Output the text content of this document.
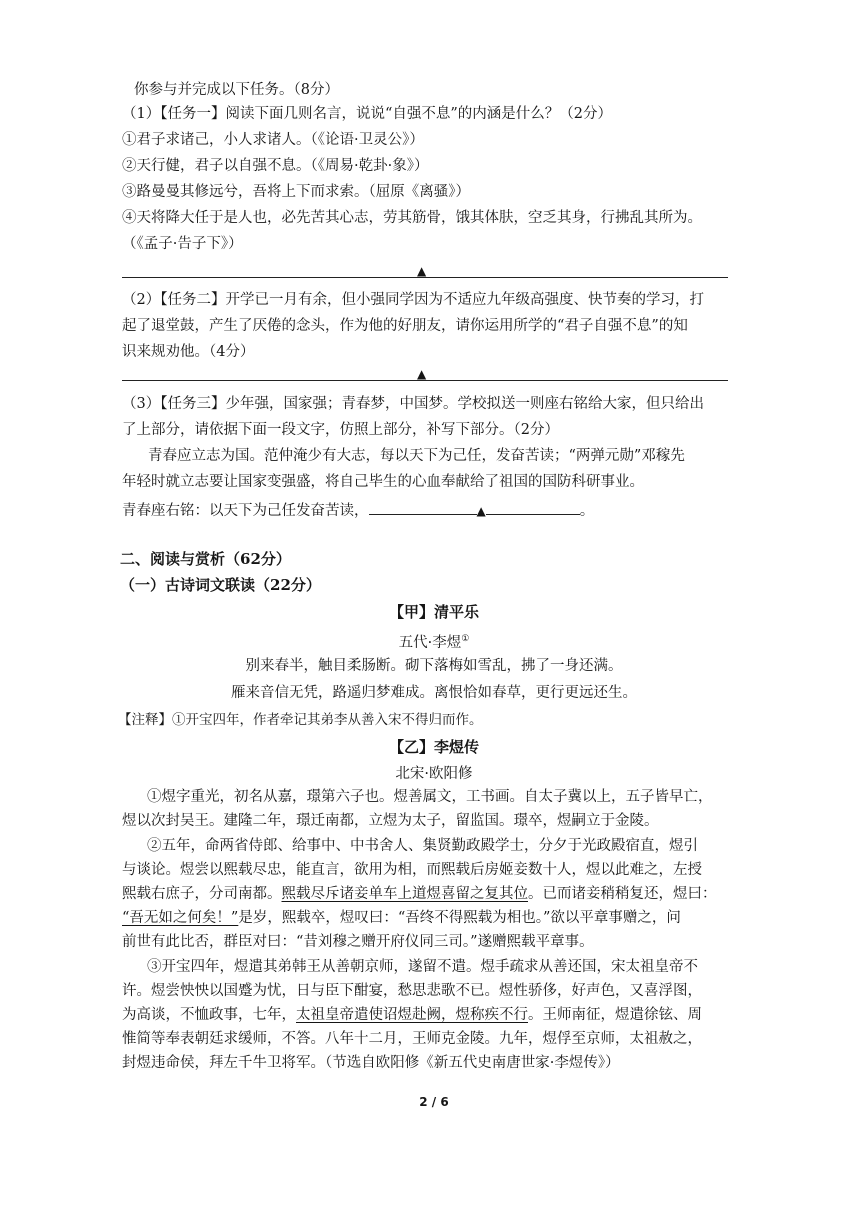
你参与并完成以下任务。（8分）
（1）【任务一】阅读下面几则名言，说说“自强不息”的内涵是什么？（2分）
①君子求诸己，小人求诸人。（《论语·卫灵公》）
②天行健，君子以自强不息。（《周易·乾卦·象》）
③路曼曼其修远兮，吾将上下而求索。（屈原《离骚》）
④天将降大任于是人也，必先苦其心志，劳其筋骨，饿其体肤，空乏其身，行拂乱其所为。
（《孟子·告子下》）
▲
（2）【任务二】开学已一月有余，但小强同学因为不适应九年级高强度、快节奏的学习，打
起了退堂鼓，产生了厌倦的念头，作为他的好朋友，请你运用所学的“君子自强不息”的知
识来规劝他。（4分）
▲
（3）【任务三】少年强，国家强；青春梦，中国梦。学校拟送一则座右铭给大家，但只给出
了上部分，请依据下面一段文字，仿照上部分，补写下部分。（2分）
青春应立志为国。范仲淹少有大志，每以天下为己任，发奋苦读；“两弹元勋”邓稼先
年轻时就立志要让国家变强盛，将自己毕生的心血奉献给了祖国的国防科研事业。
青春座右铭：以天下为己任发奋苦读，	▲	。
二、阅读与赏析（62分）
（一）古诗词文联读（22分）
【甲】清平乐
五代·李煜①
别来春半，触目柔肠断。砌下落梅如雪乱，拂了一身还满。
雁来音信无凭，路遥归梦难成。离恨恰如春草，更行更远还生。
【注释】①开宝四年，作者牵记其弟李从善入宋不得归而作。
【乙】李煜传
北宋·欧阳修
①煜字重光，初名从嘉，璟第六子也。煜善属文，工书画。自太子冀以上，五子皆早亡，
煜以次封吴王。建隆二年，璟迁南都，立煜为太子，留监国。璟卒，煜嗣立于金陵。
②五年，命两省侍郎、给事中、中书舍人、集贤勤政殿学士，分夕于光政殿宿直，煜引
与谈论。煜尝以熙载尽忠，能直言，欲用为相，而熙载后房姬妾数十人，煜以此难之，左授
熙载右庶子，分司南都。熙载尽斥诸妾单车上道煜喜留之复其位。已而诸妾稍稍复还，煜曰：
“吾无如之何矣！”是岁，熙载卒，煜叹曰：“吾终不得熙载为相也。”欲以平章事赠之，问
前世有此比否，群臣对曰：“昔刘穆之赠开府仪同三司。”遂赠熙载平章事。
③开宝四年，煜遣其弟韩王从善朝京师，遂留不遣。煜手疏求从善还国，宋太祖皇帝不
许。煜尝怏怏以国蹙为忧，日与臣下酣宴，愁思悲歌不已。煜性骄侈，好声色，又喜浮图，
为高谈，不恤政事，七年，太祖皇帝遣使诏煜赴阙，煜称疾不行。王师南征，煜遣徐铉、周
惟简等奉表朝廷求缓师，不答。八年十二月，王师克金陵。九年，煜俘至京师，太祖赦之，
封煜违命侯，拜左千牛卫将军。（节选自欧阳修《新五代史南唐世家·李煜传》）
2 / 6
